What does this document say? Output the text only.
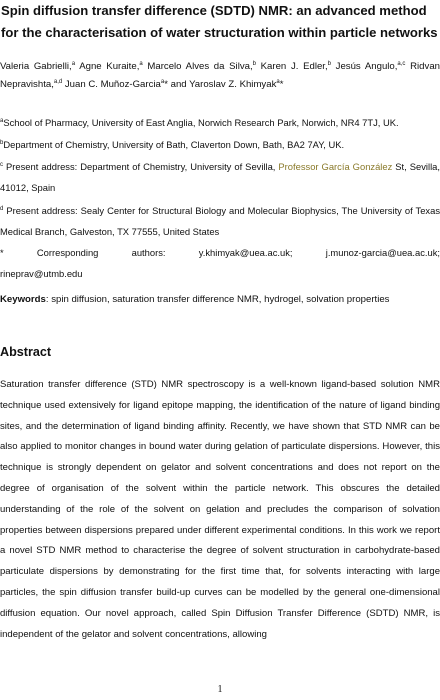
Spin diffusion transfer difference (SDTD) NMR: an advanced method for the characterisation of water structuration within particle networks

Valeria Gabrielli,$^a$ Agne Kuraite,$^a$ Marcelo Alves da Silva,$^b$ Karen J. Edler,$^b$ Jesús Angulo,$^{a,c}$ Ridvan Nepravishta,$^{a,d}$ Juan C. Muñoz-Garcia$^a$* and Yaroslav Z. Khimyak$^a$*

$^a$School of Pharmacy, University of East Anglia, Norwich Research Park, Norwich, NR4 7TJ, UK.

$^b$Department of Chemistry, University of Bath, Claverton Down, Bath, BA2 7AY, UK.

$^c$ Present address: Department of Chemistry, University of Sevilla, Professor García González St, Sevilla, 41012, Spain

$^d$ Present address: Sealy Center for Structural Biology and Molecular Biophysics, The University of Texas Medical Branch, Galveston, TX 77555, United States

*	Corresponding	authors:	y.khimyak@uea.ac.uk;	j.munoz-garcia@uea.ac.uk;
rineprav@utmb.edu

Keywords: spin diffusion, saturation transfer difference NMR, hydrogel, solvation properties

Abstract

Saturation transfer difference (STD) NMR spectroscopy is a well-known ligand-based solution NMR technique used extensively for ligand epitope mapping, the identification of the nature of ligand binding sites, and the determination of ligand binding affinity. Recently, we have shown that STD NMR can be also applied to monitor changes in bound water during gelation of particulate dispersions. However, this technique is strongly dependent on gelator and solvent concentrations and does not report on the degree of organisation of the solvent within the particle network. This obscures the detailed understanding of the role of the solvent on gelation and precludes the comparison of solvation properties between dispersions prepared under different experimental conditions. In this work we report a novel STD NMR method to characterise the degree of solvent structuration in carbohydrate-based particulate dispersions by demonstrating for the first time that, for solvents interacting with large particles, the spin diffusion transfer build-up curves can be modelled by the general one-dimensional diffusion equation. Our novel approach, called Spin Diffusion Transfer Difference (SDTD) NMR, is independent of the gelator and solvent concentrations, allowing

1
